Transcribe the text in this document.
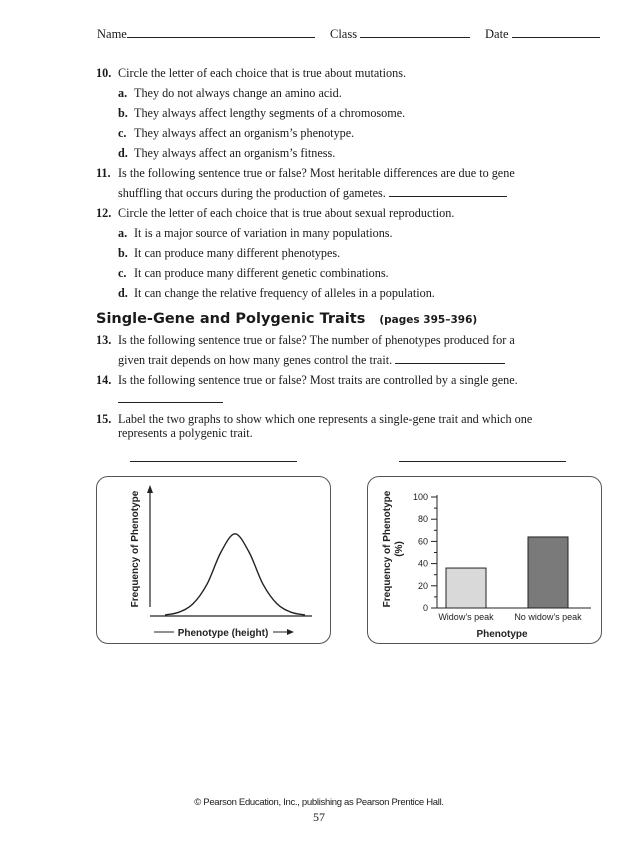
Name	Class	Date
10. Circle the letter of each choice that is true about mutations.
a. They do not always change an amino acid.
b. They always affect lengthy segments of a chromosome.
c. They always affect an organism’s phenotype.
d. They always affect an organism’s fitness.
11. Is the following sentence true or false? Most heritable differences are due to gene
shuffling that occurs during the production of gametes.
12. Circle the letter of each choice that is true about sexual reproduction.
a. It is a major source of variation in many populations.
b. It can produce many different phenotypes.
c. It can produce many different genetic combinations.
d. It can change the relative frequency of alleles in a population.
Single-Gene and Polygenic Traits (pages 395–396)
13. Is the following sentence true or false? The number of phenotypes produced for a
given trait depends on how many genes control the trait.
14. Is the following sentence true or false? Most traits are controlled by a single gene.
15. Label the two graphs to show which one represents a single-gene trait and which one
represents a polygenic trait.
Frequency of Phenotype
Phenotype (height)
0
20
40
60
80
100
Widow’s peak No widow’s peak
Frequency of Phenotype (%)
Phenotype
© Pearson Education, Inc., publishing as Pearson Prentice Hall.
57
